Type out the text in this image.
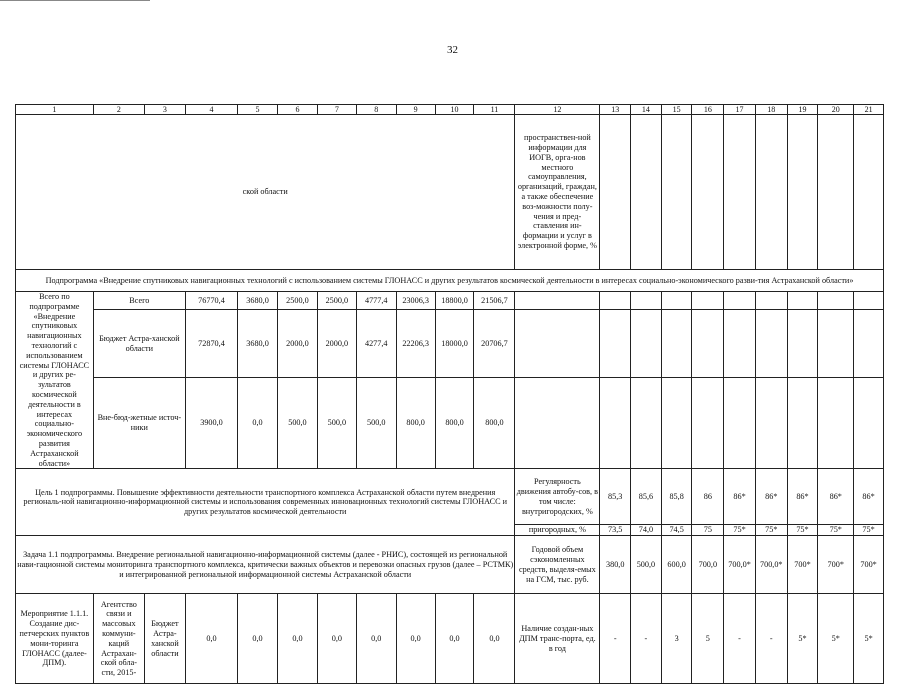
32
1	2	3	4	5	6	7	8	9	10	11	12	13	14	15	16	17	18	19	20	21
ской области											пространствен-ной информации для ИОГВ, орга-нов местного самоуправления, организаций, граждан, а также обеспечение воз-можности полу-чения и пред-ставления ин-формации и услуг в электронной форме, %									
Подпрограмма «Внедрение спутниковых навигационных технологий с использованием системы ГЛОНАСС и других результатов космической деятельности в интересах социально-экономического разви-тия Астраханской области»																				
Всего по подпрограмме «Внедрение спутниковых навигационных технологий с использованием системы ГЛОНАСС и других ре-зультатов космической деятельности в интересах социально-экономического развития Астраханской области»	Всего		76770,4	3680,0	2500,0	2500,0	4777,4	23006,3	18800,0	21506,7										
	Бюджет Астра-ханской области		72870,4	3680,0	2000,0	2000,0	4277,4	22206,3	18000,0	20706,7										
	Вне-бюд-жетные источ-ники		3900,0	0,0	500,0	500,0	500,0	800,0	800,0	800,0										
Цель 1 подпрограммы. Повышение эффективности деятельности транспортного комплекса Астраханской области путем внедрения региональ-ной навигационно-информационной системы и использования современных инновационных технологий системы ГЛОНАСС и других результатов космической деятельности											Регулярность движения автобу-сов, в том числе: внутригородских, %	85,3	85,6	85,8	86	86*	86*	86*	86*	86*
											пригородных, %	73,5	74,0	74,5	75	75*	75*	75*	75*	75*
Задача 1.1 подпрограммы. Внедрение региональной навигационно-информационной системы (далее - РНИС), состоящей из региональной нави-гационной системы мониторинга транспортного комплекса, критически важных объектов и перевозки опасных грузов (далее – РСТМК) и интегрированной региональной информационной системы Астраханской области											Годовой объем сэкономленных средств, выделя-емых на ГСМ, тыс. руб.	380,0	500,0	600,0	700,0	700,0*	700,0*	700*	700*	700*
Мероприятие 1.1.1. Создание дис-петчерских пунктов мони-торинга ГЛОНАСС (далее-ДПМ).	Агентство связи и массовых коммуни-каций Астрахан-ской обла-сти, 2015-	Бюджет Астра-ханской области	0,0	0,0	0,0	0,0	0,0	0,0	0,0	0,0	Наличие создан-ных ДПМ транс-порта, ед. в год	-	-	3	5	-	-	5*	5*	5*
